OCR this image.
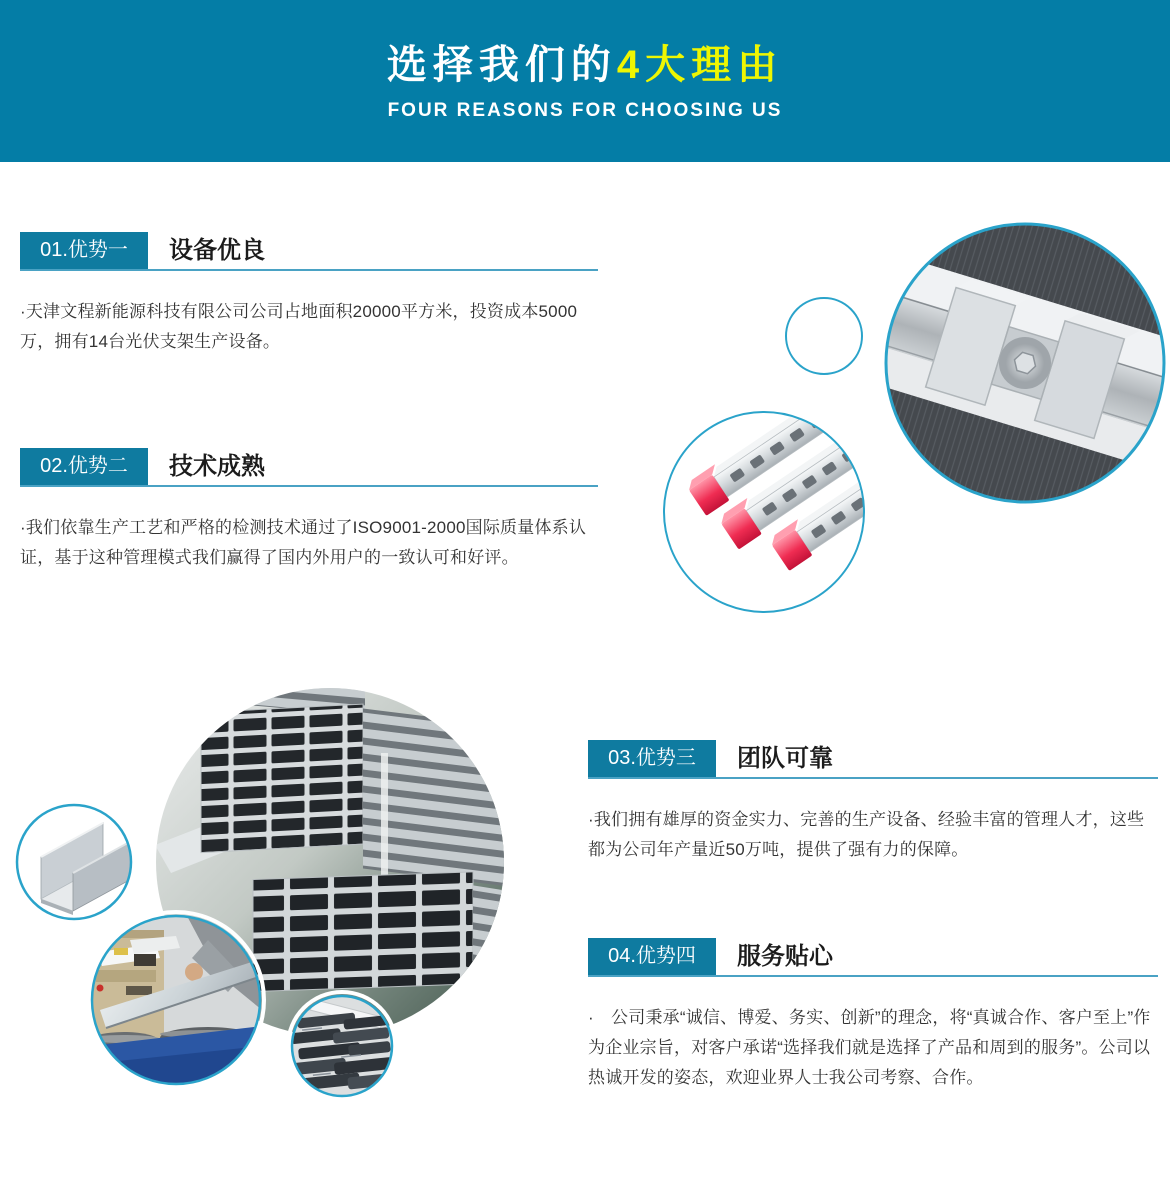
选择我们的4大理由
FOUR REASONS FOR CHOOSING US
01.优势一	设备优良

·天津文程新能源科技有限公司公司占地面积20000平方米，投资成本5000万，拥有14台光伏支架生产设备。

02.优势二	技术成熟

·我们依靠生产工艺和严格的检测技术通过了ISO9001-2000国际质量体系认证，基于这种管理模式我们赢得了国内外用户的一致认可和好评。

03.优势三	团队可靠

·我们拥有雄厚的资金实力、完善的生产设备、经验丰富的管理人才，这些都为公司年产量近50万吨，提供了强有力的保障。

04.优势四	服务贴心

·　公司秉承“诚信、博爱、务实、创新”的理念，将“真诚合作、客户至上”作为企业宗旨，对客户承诺“选择我们就是选择了产品和周到的服务”。公司以热诚开发的姿态，欢迎业界人士我公司考察、合作。
